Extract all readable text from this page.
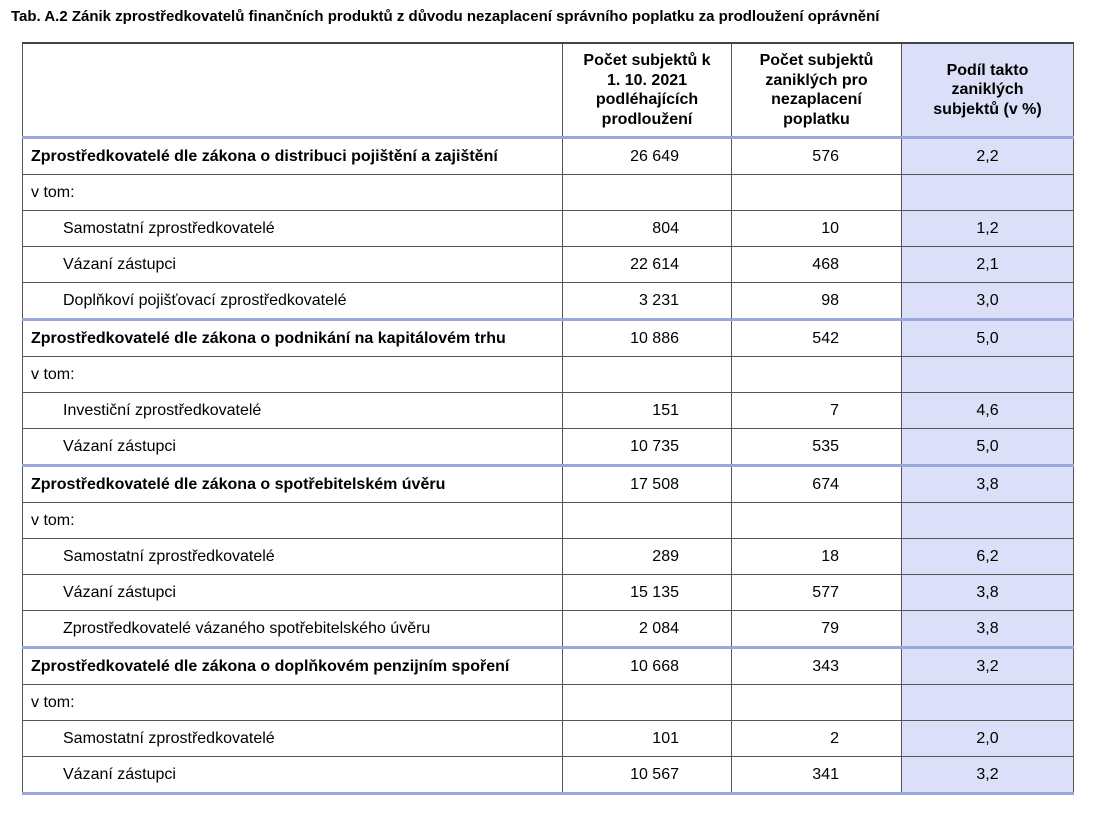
Tab. A.2 Zánik zprostředkovatelů finančních produktů z důvodu nezaplacení správního poplatku za prodloužení oprávnění

	Počet subjektů k 1. 10. 2021 podléhajících prodloužení	Počet subjektů zaniklých pro nezaplacení poplatku	Podíl takto zaniklých subjektů (v %)

Zprostředkovatelé dle zákona o distribuci pojištění a zajištění	26 649	576	2,2
v tom:			
Samostatní zprostředkovatelé	804	10	1,2
Vázaní zástupci	22 614	468	2,1
Doplňkoví pojišťovací zprostředkovatelé	3 231	98	3,0
Zprostředkovatelé dle zákona o podnikání na kapitálovém trhu	10 886	542	5,0
v tom:			
Investiční zprostředkovatelé	151	7	4,6
Vázaní zástupci	10 735	535	5,0
Zprostředkovatelé dle zákona o spotřebitelském úvěru	17 508	674	3,8
v tom:			
Samostatní zprostředkovatelé	289	18	6,2
Vázaní zástupci	15 135	577	3,8
Zprostředkovatelé vázaného spotřebitelského úvěru	2 084	79	3,8
Zprostředkovatelé dle zákona o doplňkovém penzijním spoření	10 668	343	3,2
v tom:			
Samostatní zprostředkovatelé	101	2	2,0
Vázaní zástupci	10 567	341	3,2
